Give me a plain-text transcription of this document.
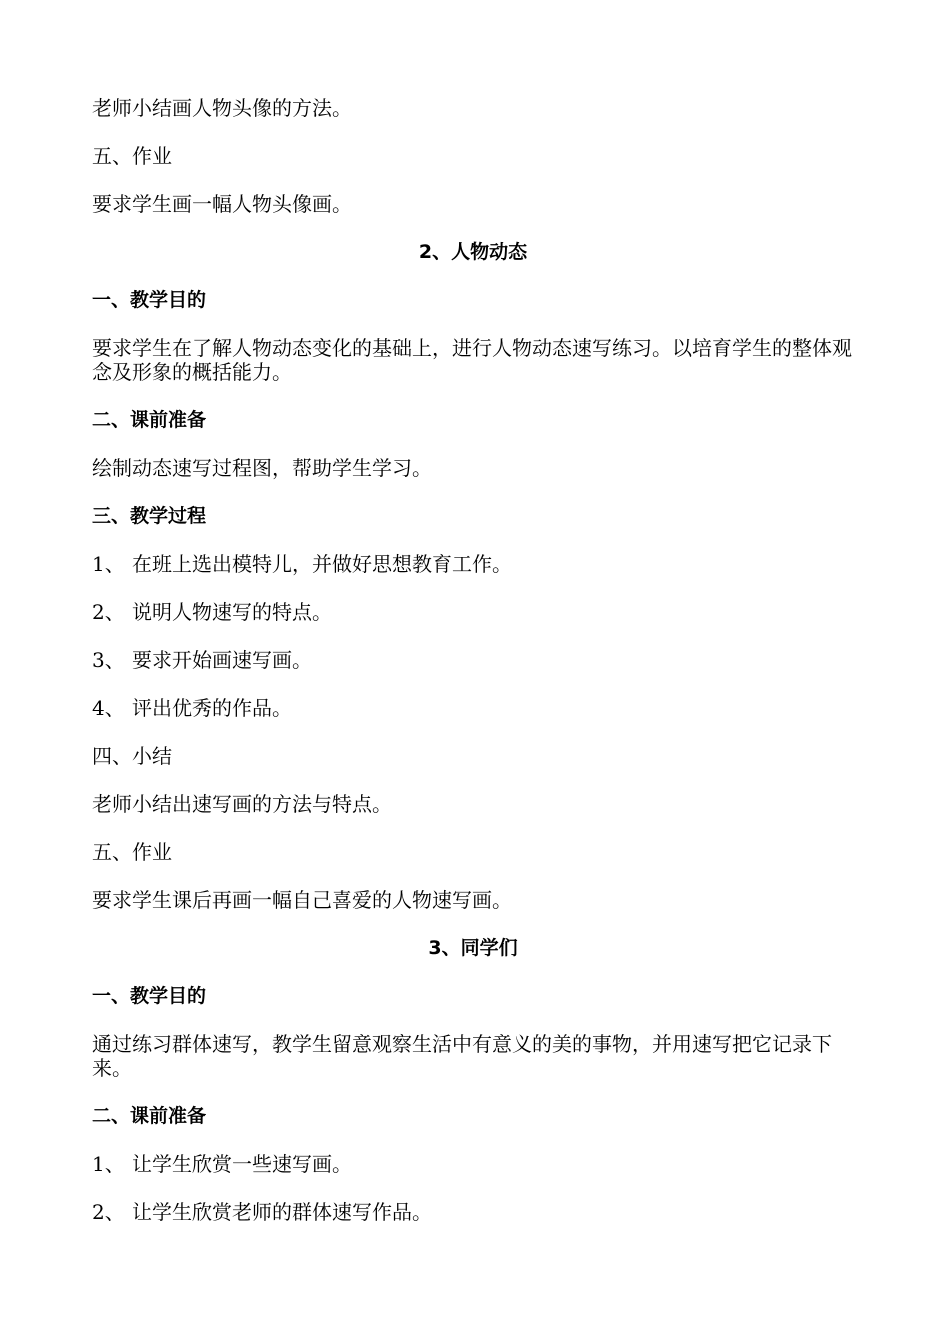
老师小结画人物头像的方法。

五、作业

要求学生画一幅人物头像画。

2、人物动态
一、教学目的

要求学生在了解人物动态变化的基础上，进行人物动态速写练习。以培育学生的整体观念及形象的概括能力。

二、课前准备

绘制动态速写过程图，帮助学生学习。

三、教学过程
1、 在班上选出模特儿，并做好思想教育工作。
2、 说明人物速写的特点。
3、 要求开始画速写画。
4、 评出优秀的作品。

四、小结

老师小结出速写画的方法与特点。

五、作业

要求学生课后再画一幅自己喜爱的人物速写画。

3、同学们
一、教学目的

通过练习群体速写，教学生留意观察生活中有意义的美的事物，并用速写把它记录下来。

二、课前准备
1、 让学生欣赏一些速写画。
2、 让学生欣赏老师的群体速写作品。
